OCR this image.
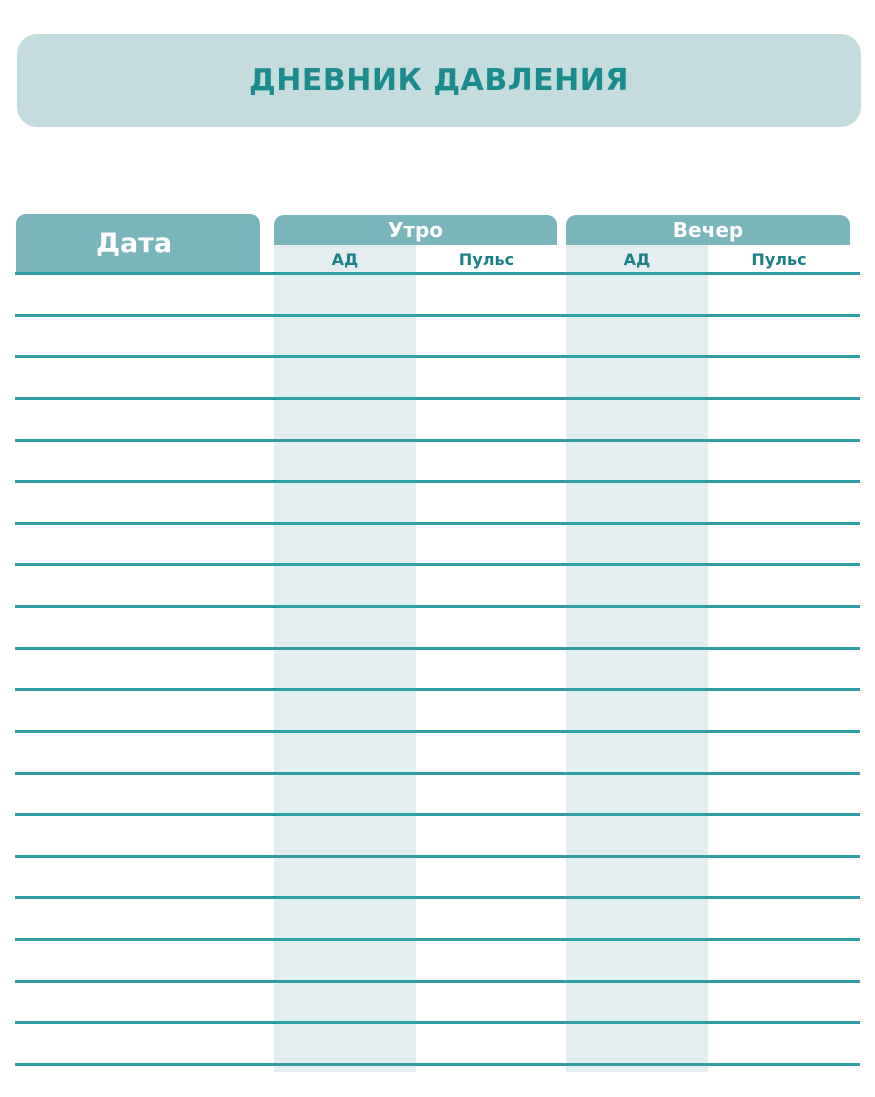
ДНЕВНИК ДАВЛЕНИЯ
Дата	Утро	Вечер
АД	Пульс	АД	Пульс
